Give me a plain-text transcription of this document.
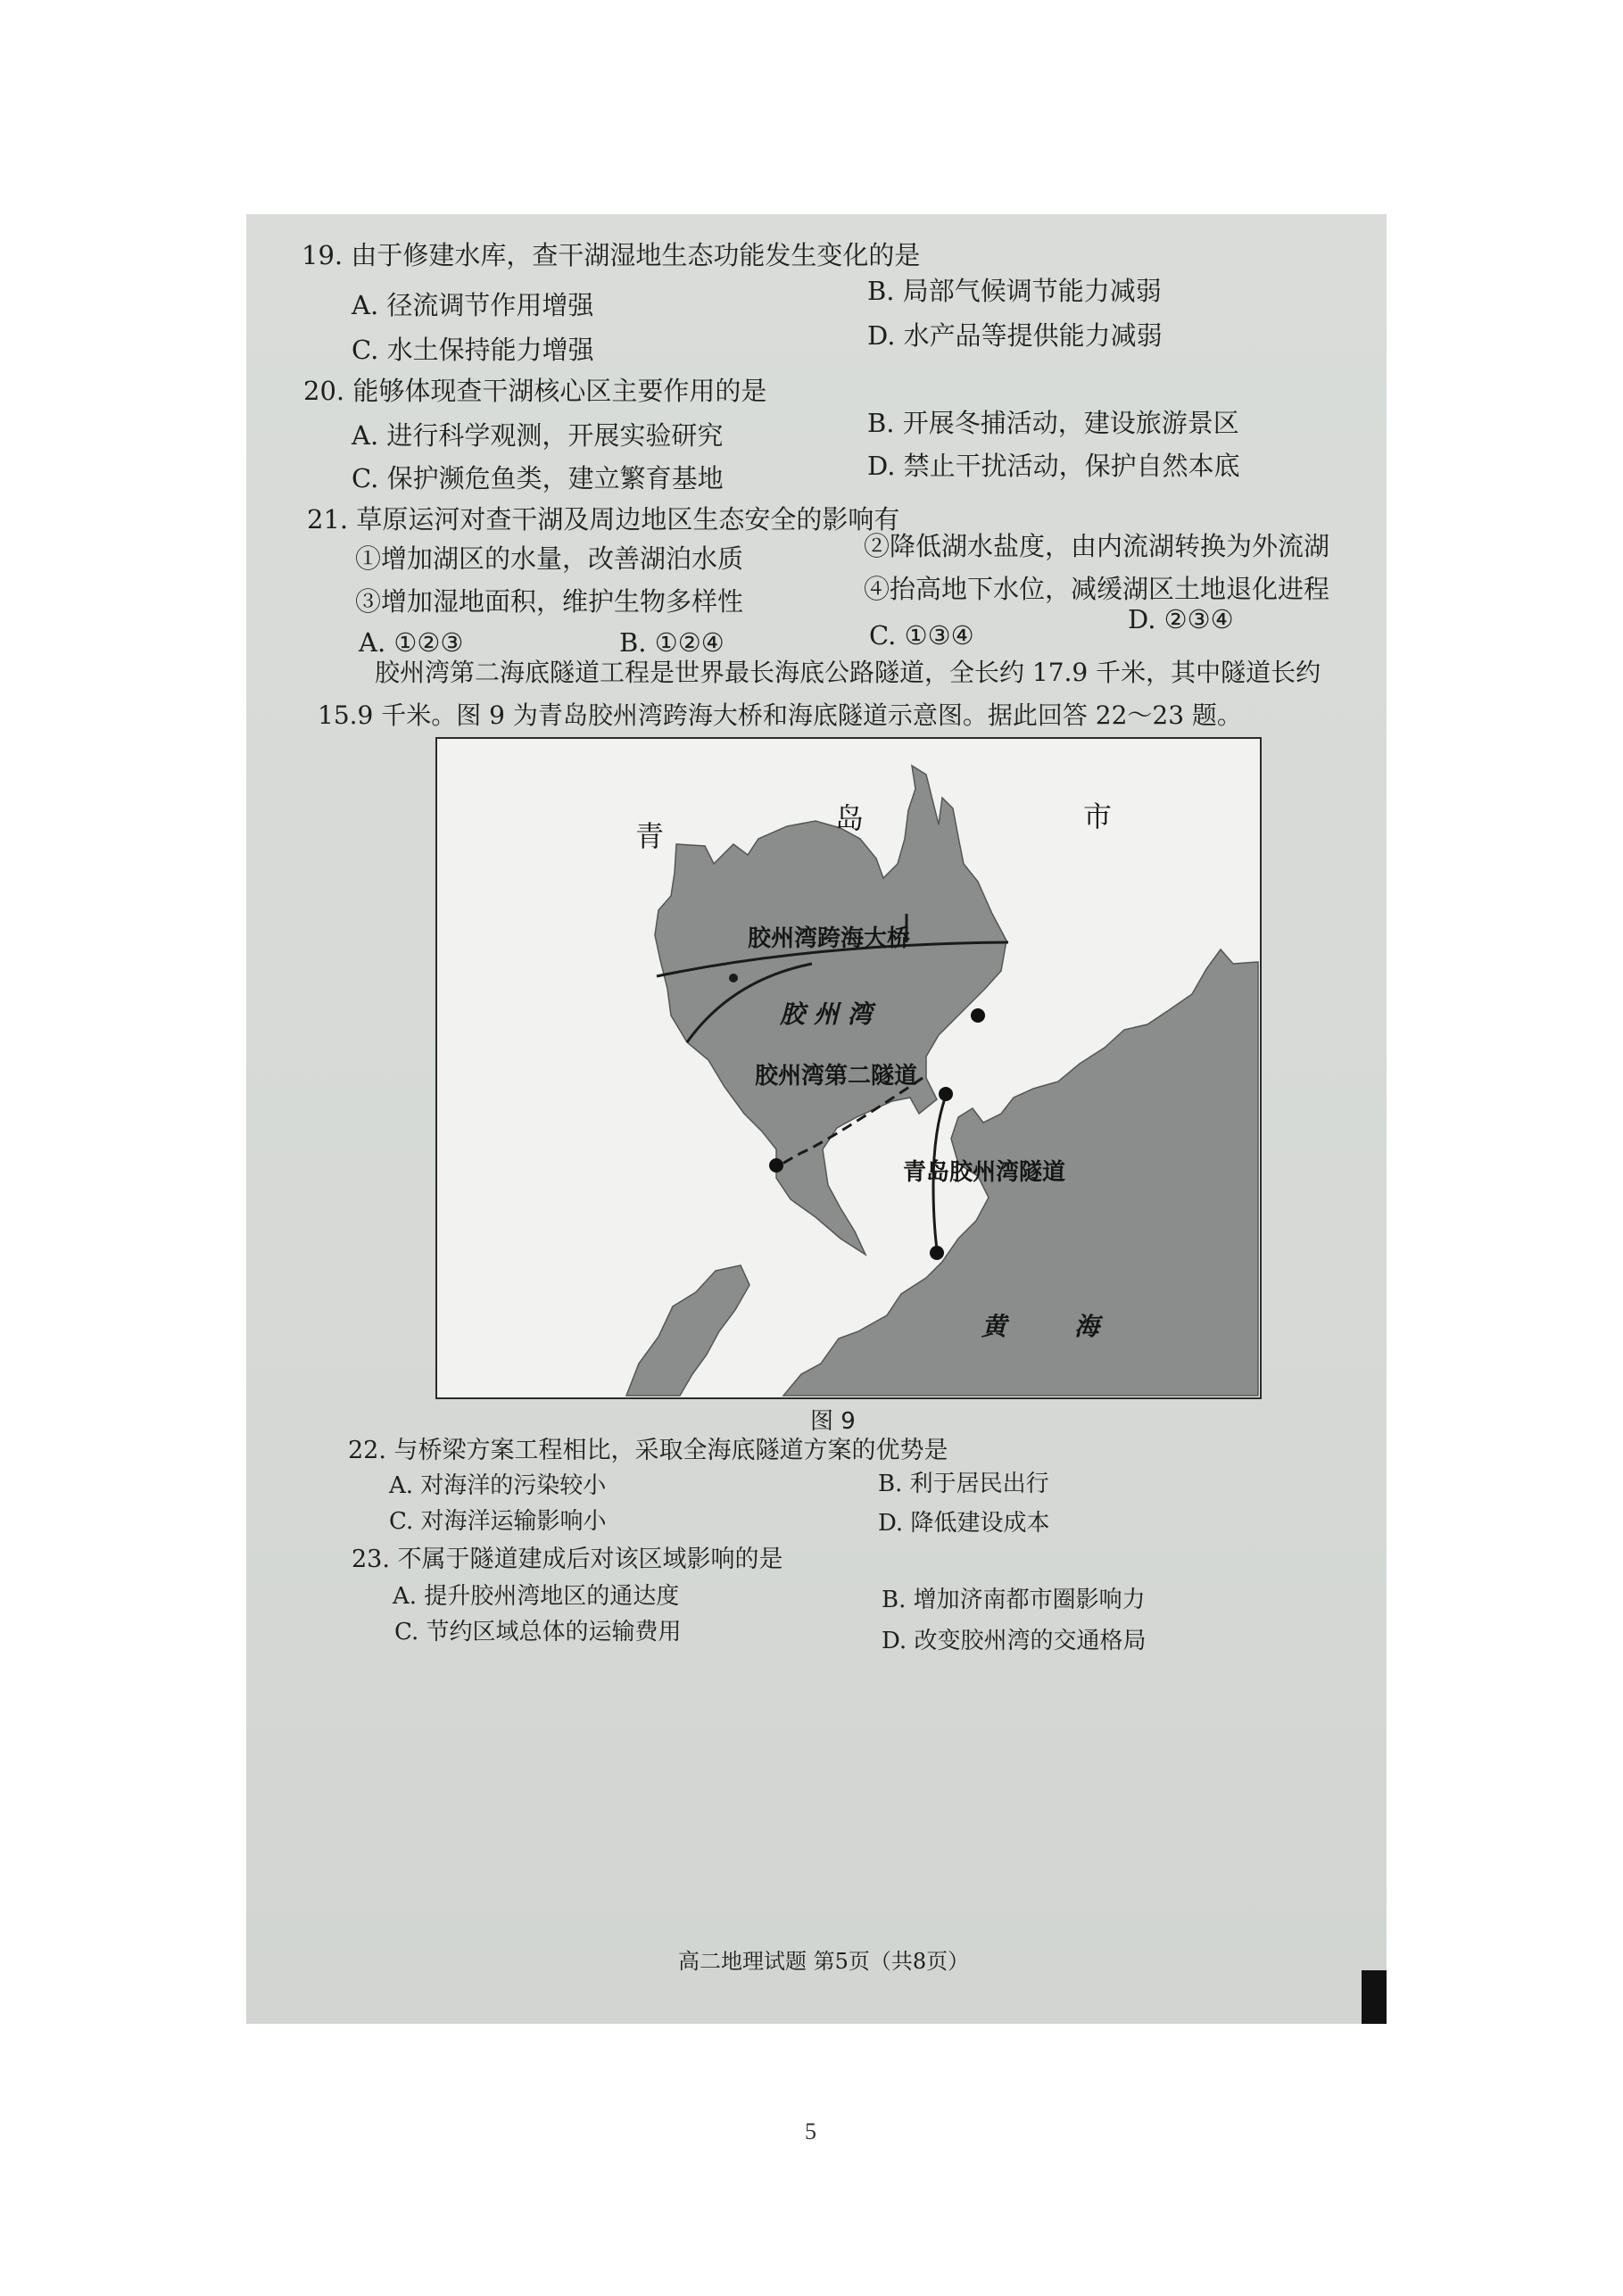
19. 由于修建水库，查干湖湿地生态功能发生变化的是
A. 径流调节作用增强	B. 局部气候调节能力减弱
C. 水土保持能力增强	D. 水产品等提供能力减弱
20. 能够体现查干湖核心区主要作用的是
A. 进行科学观测，开展实验研究	B. 开展冬捕活动，建设旅游景区
C. 保护濒危鱼类，建立繁育基地	D. 禁止干扰活动，保护自然本底
21. 草原运河对查干湖及周边地区生态安全的影响有
①增加湖区的水量，改善湖泊水质	②降低湖水盐度，由内流湖转换为外流湖
③增加湿地面积，维护生物多样性	④抬高地下水位，减缓湖区土地退化进程
A. ①②③	B. ①②④	C. ①③④
D. ②③④
胶州湾第二海底隧道工程是世界最长海底公路隧道，全长约 17.9 千米，其中隧道长约
15.9 千米。图 9 为青岛胶州湾跨海大桥和海底隧道示意图。据此回答 22～23 题。
青
岛	市
胶州湾跨海大桥
胶 州 湾
胶州湾第二隧道
青岛胶州湾隧道
黄	海
图 9
22. 与桥梁方案工程相比，采取全海底隧道方案的优势是
A. 对海洋的污染较小	B. 利于居民出行
C. 对海洋运输影响小	D. 降低建设成本
23. 不属于隧道建成后对该区域影响的是
A. 提升胶州湾地区的通达度	B. 增加济南都市圈影响力
C. 节约区域总体的运输费用	D. 改变胶州湾的交通格局
高二地理试题 第5页（共8页）
5
